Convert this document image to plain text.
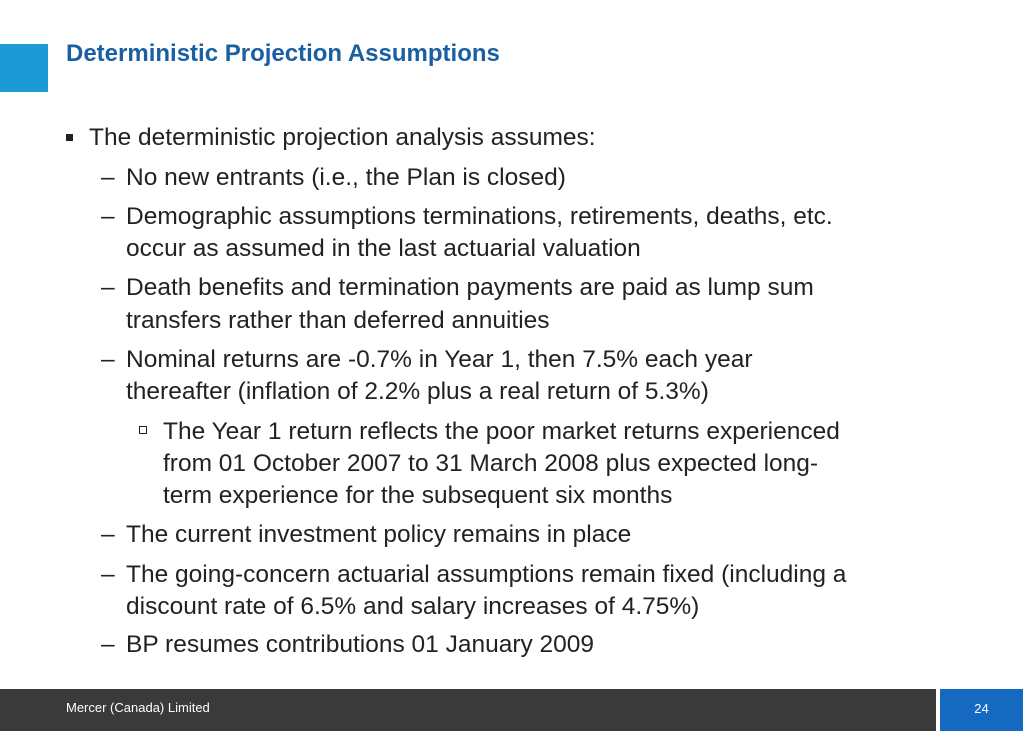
Deterministic Projection Assumptions
The deterministic projection analysis assumes:
– No new entrants (i.e., the Plan is closed)
– Demographic assumptions terminations, retirements, deaths, etc.
occur as assumed in the last actuarial valuation
– Death benefits and termination payments are paid as lump sum
transfers rather than deferred annuities
– Nominal returns are -0.7% in Year 1, then 7.5% each year
thereafter (inflation of 2.2% plus a real return of 5.3%)
The Year 1 return reflects the poor market returns experienced
from 01 October 2007 to 31 March 2008 plus expected long-
term experience for the subsequent six months
– The current investment policy remains in place
– The going-concern actuarial assumptions remain fixed (including a
discount rate of 6.5% and salary increases of 4.75%)
– BP resumes contributions 01 January 2009
Mercer (Canada) Limited	24
